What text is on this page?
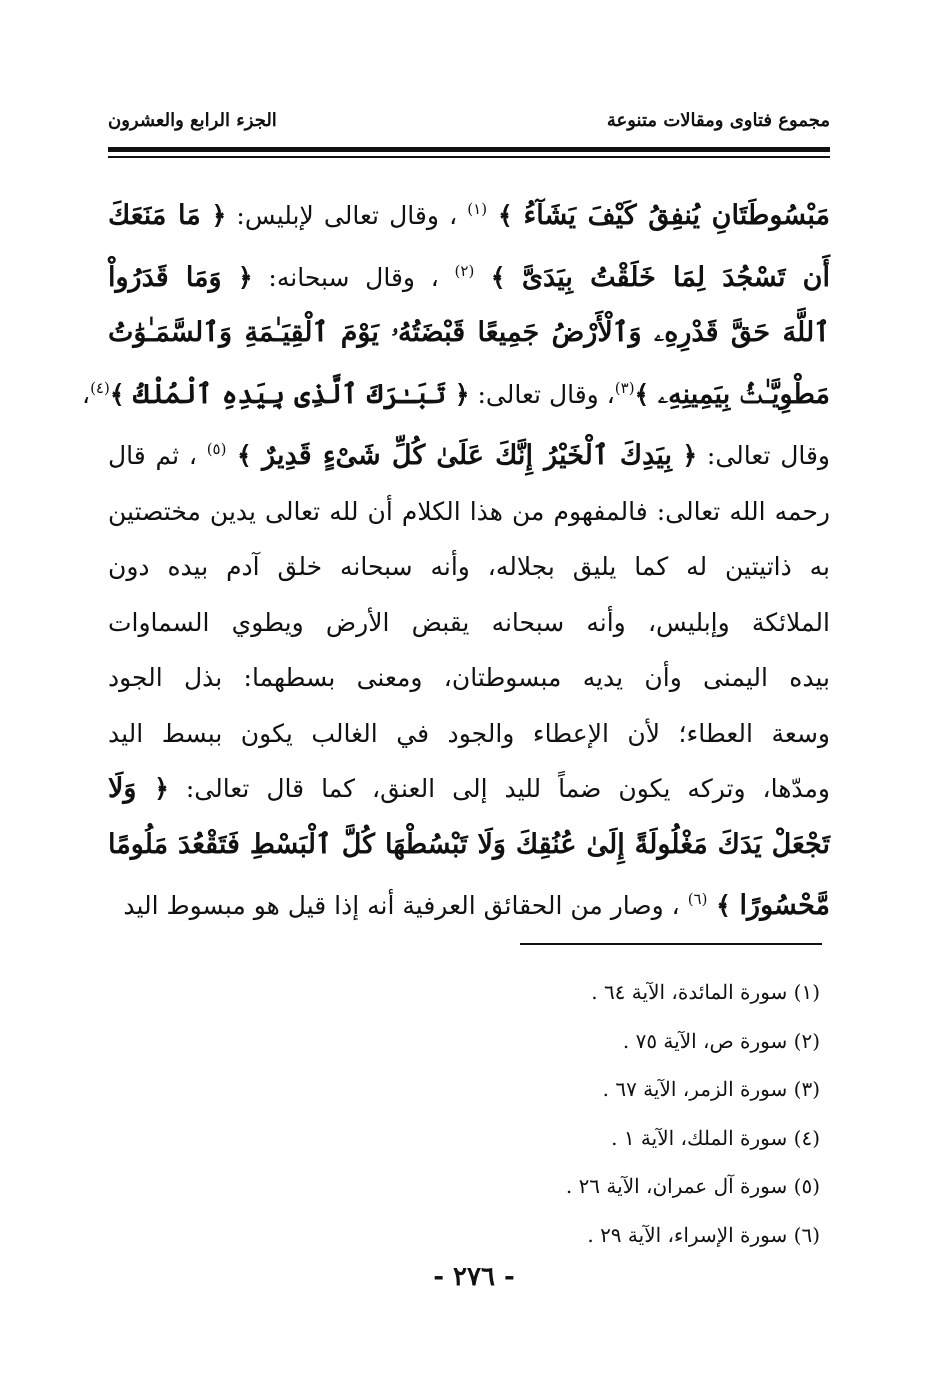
مجموع فتاوى ومقالات متنوعة
الجزء الرابع والعشرون
مَبْسُوطَتَانِ يُنفِقُ كَيْفَ يَشَآءُ ﴾ $^{(١)}$ ، وقال تعالى لإبليس: ﴿ مَا مَنَعَكَ
أَن تَسْجُدَ لِمَا خَلَقْتُ بِيَدَىَّ ﴾ $^{(٢)}$ ، وقال سبحانه: ﴿ وَمَا قَدَرُواْ
ٱللَّهَ حَقَّ قَدْرِهِۦ وَٱلْأَرْضُ جَمِيعًا قَبْضَتُهُۥ يَوْمَ ٱلْقِيَـٰمَةِ وَٱلسَّمَـٰوَٰتُ
مَطْوِيَّـٰتُۢ بِيَمِينِهِۦ ﴾$^{(٣)}$، وقال تعالى: ﴿ تَبَـٰرَكَ ٱلَّذِى بِيَدِهِ ٱلْمُلْكُ ﴾$^{(٤)}$،
وقال تعالى: ﴿ بِيَدِكَ ٱلْخَيْرُ إِنَّكَ عَلَىٰ كُلِّ شَىْءٍ قَدِيرٌ ﴾ $^{(٥)}$ ، ثم قال
رحمه الله تعالى: فالمفهوم من هذا الكلام أن لله تعالى يدين مختصتين
به ذاتيتين له كما يليق بجلاله، وأنه سبحانه خلق آدم بيده دون
الملائكة وإبليس، وأنه سبحانه يقبض الأرض ويطوي السماوات
بيده اليمنى وأن يديه مبسوطتان، ومعنى بسطهما: بذل الجود
وسعة العطاء؛ لأن الإعطاء والجود في الغالب يكون ببسط اليد
ومدّها، وتركه يكون ضماً لليد إلى العنق، كما قال تعالى: ﴿ وَلَا
تَجْعَلْ يَدَكَ مَغْلُولَةً إِلَىٰ عُنُقِكَ وَلَا تَبْسُطْهَا كُلَّ ٱلْبَسْطِ فَتَقْعُدَ مَلُومًا
مَّحْسُورًا ﴾ $^{(٦)}$ ، وصار من الحقائق العرفية أنه إذا قيل هو مبسوط اليد
(١) سورة المائدة، الآية ٦٤ .
(٢) سورة ص، الآية ٧٥ .
(٣) سورة الزمر، الآية ٦٧ .
(٤) سورة الملك، الآية ١ .
(٥) سورة آل عمران، الآية ٢٦ .
(٦) سورة الإسراء، الآية ٢٩ .
- ٢٧٦ -
